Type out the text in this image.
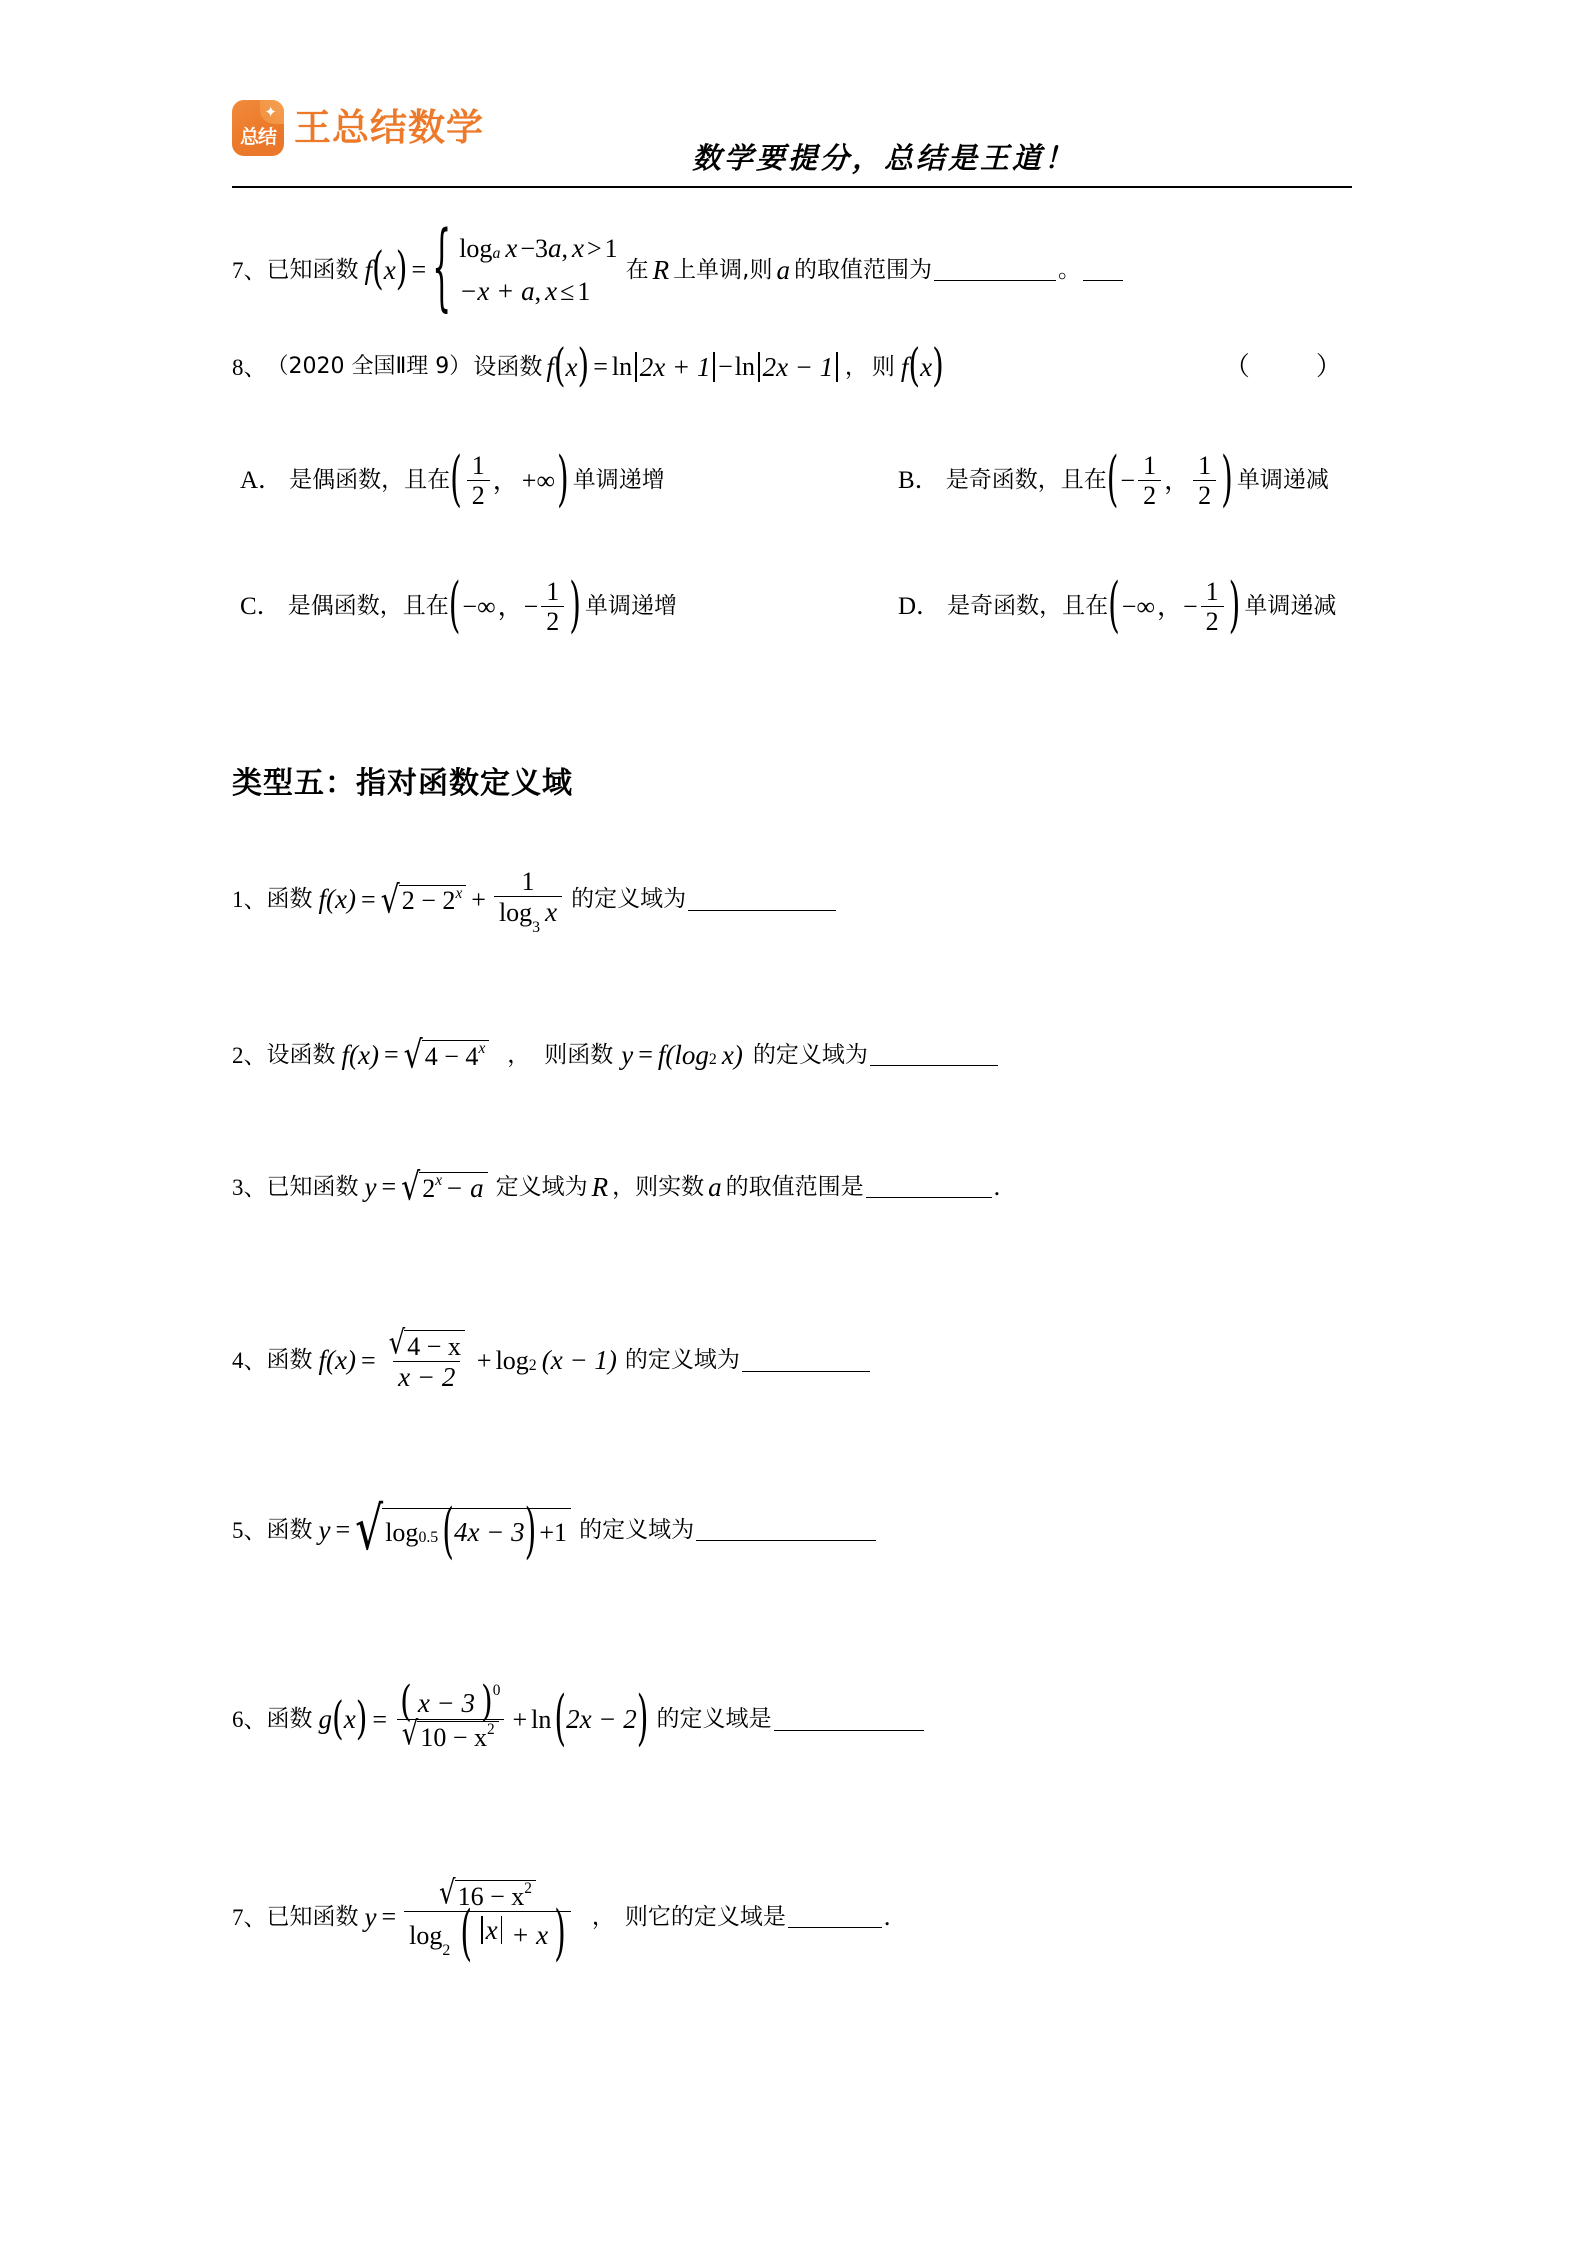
✦
总结 王总结数学
数学要提分，总结是王道！
7、 已知函数 f ( x ) = { log a x −3 a , x > 1
−x + a , x ≤ 1
在 R 上单调,则 a 的取值范围为	。
8、 （2020 全国Ⅱ理 9） 设函数 f ( x ) = ln 2x + 1 − ln 2x − 1 ， 则 f ( x )	（　）
A． 是偶函数，且在 ( $\frac{1}{2}$ ， +∞ ) 单调递增	B． 是奇函数，且在 ( − $\frac{1}{2}$ ， $\frac{1}{2}$ ) 单调递减
C． 是偶函数，且在 ( −∞ ， − $\frac{1}{2}$ ) 单调递增	D． 是奇函数，且在 ( −∞ ， − $\frac{1}{2}$ ) 单调递减
类型五：指对函数定义域
1、 函数 f(x) = √ 2 − 2 $x + \frac{1}{\log_3x}$ 的定义域为
2、 设函数 f(x) = √ 4 − 4 x ， 则函数 y = f(log 2 x) 的定义域为
3、 已知函数 y = √ 2 x − a 定义域为 R ， 则实数 a 的取值范围是	.
4、 函数 $f(x) = \frac{√ 4 - x}{x - 2} + \log 2$ (x − 1) 的定义域为
5、 函数 y = √ log 0.5 ( 4x − 3 ) +1 的定义域为
6、 函数 g ( x ) = $\frac{( x - 3 )^0}{√ 10 - x 2} + \ln$ ( 2x − 2 ) 的定义域是
7、 已知函数 y =
√ 16 − x 2
$\log_2$ ( x + x ) ， 则它的定义域是	.
